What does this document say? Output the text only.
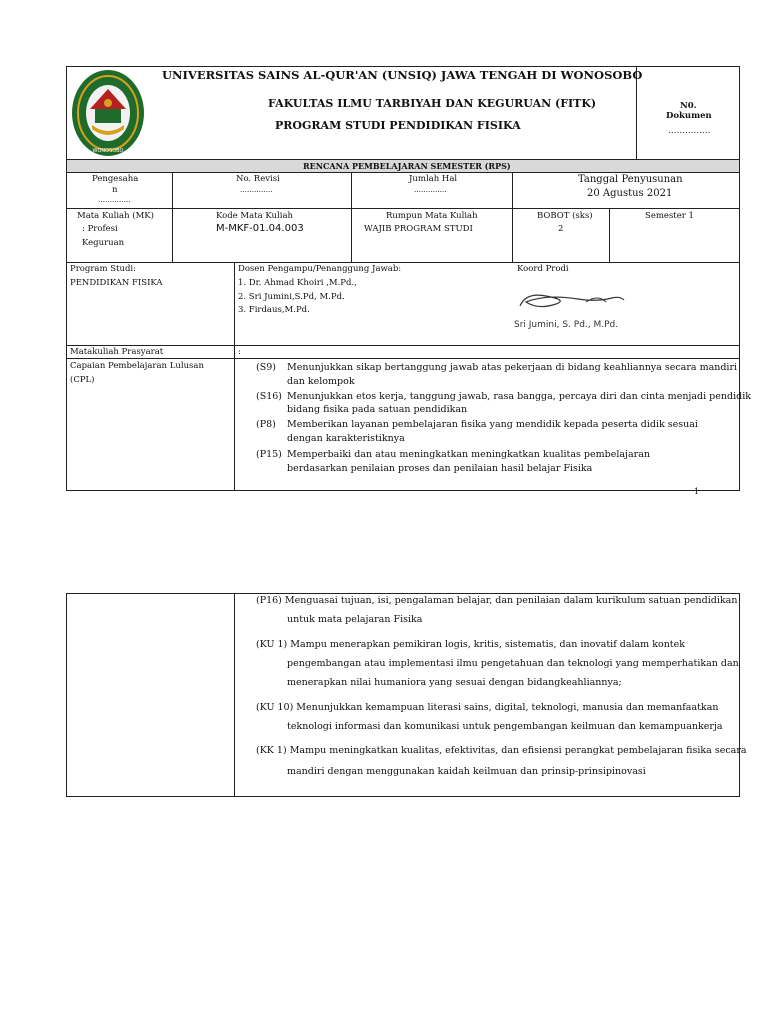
WONOSOBO
UNIVERSITAS SAINS AL-QUR'AN (UNSIQ) JAWA TENGAH DI WONOSOBO
FAKULTAS ILMU TARBIYAH DAN KEGURUAN (FITK)
PROGRAM STUDI PENDIDIKAN FISIKA
N0.
Dokumen
……………
RENCANA PEMBELAJARAN SEMESTER (RPS)
Pengesaha
n
…………..
No. Revisi
…………..
Jumlah Hal
…………..
Tanggal Penyusunan
20 Agustus 2021
Mata Kuliah (MK)
: Profesi
Keguruan
Kode Mata Kuliah
M-MKF-01.04.003
Rumpun Mata Kuliah
WAJIB PROGRAM STUDI
BOBOT (sks)
2
Semester 1
Program Studi:
PENDIDIKAN FISIKA
Dosen Pengampu/Penanggung Jawab:
1. Dr. Ahmad Khoiri ,M.Pd.,
2. Sri Jumini,S.Pd, M.Pd.
3. Firdaus,M.Pd.
Koord Prodi
Sri Jumini, S. Pd., M.Pd.
Matakuliah Prasyarat	:
Capaian Pembelajaran Lulusan
(CPL)
(S9) Menunjukkan sikap bertanggung jawab atas pekerjaan di bidang keahliannya secara mandiri
dan kelompok
(S16) Menunjukkan etos kerja, tanggung jawab, rasa bangga, percaya diri dan cinta menjadi pendidik
bidang fisika pada satuan pendidikan
(P8) Memberikan layanan pembelajaran fisika yang mendidik kepada peserta didik sesuai
dengan karakteristiknya
(P15) Memperbaiki dan atau meningkatkan meningkatkan kualitas pembelajaran
berdasarkan penilaian proses dan penilaian hasil belajar Fisika
1
(P16) Menguasai tujuan, isi, pengalaman belajar, dan penilaian dalam kurikulum satuan pendidikan
untuk mata pelajaran Fisika
(KU 1) Mampu menerapkan pemikiran logis, kritis, sistematis, dan inovatif dalam kontek
pengembangan atau implementasi ilmu pengetahuan dan teknologi yang memperhatikan dan
menerapkan nilai humaniora yang sesuai dengan bidangkeahliannya;
(KU 10) Menunjukkan kemampuan literasi sains, digital, teknologi, manusia dan memanfaatkan
teknologi informasi dan komunikasi untuk pengembangan keilmuan dan kemampuankerja
(KK 1) Mampu meningkatkan kualitas, efektivitas, dan efisiensi perangkat pembelajaran fisika secara
mandiri dengan menggunakan kaidah keilmuan dan prinsip-prinsipinovasi
